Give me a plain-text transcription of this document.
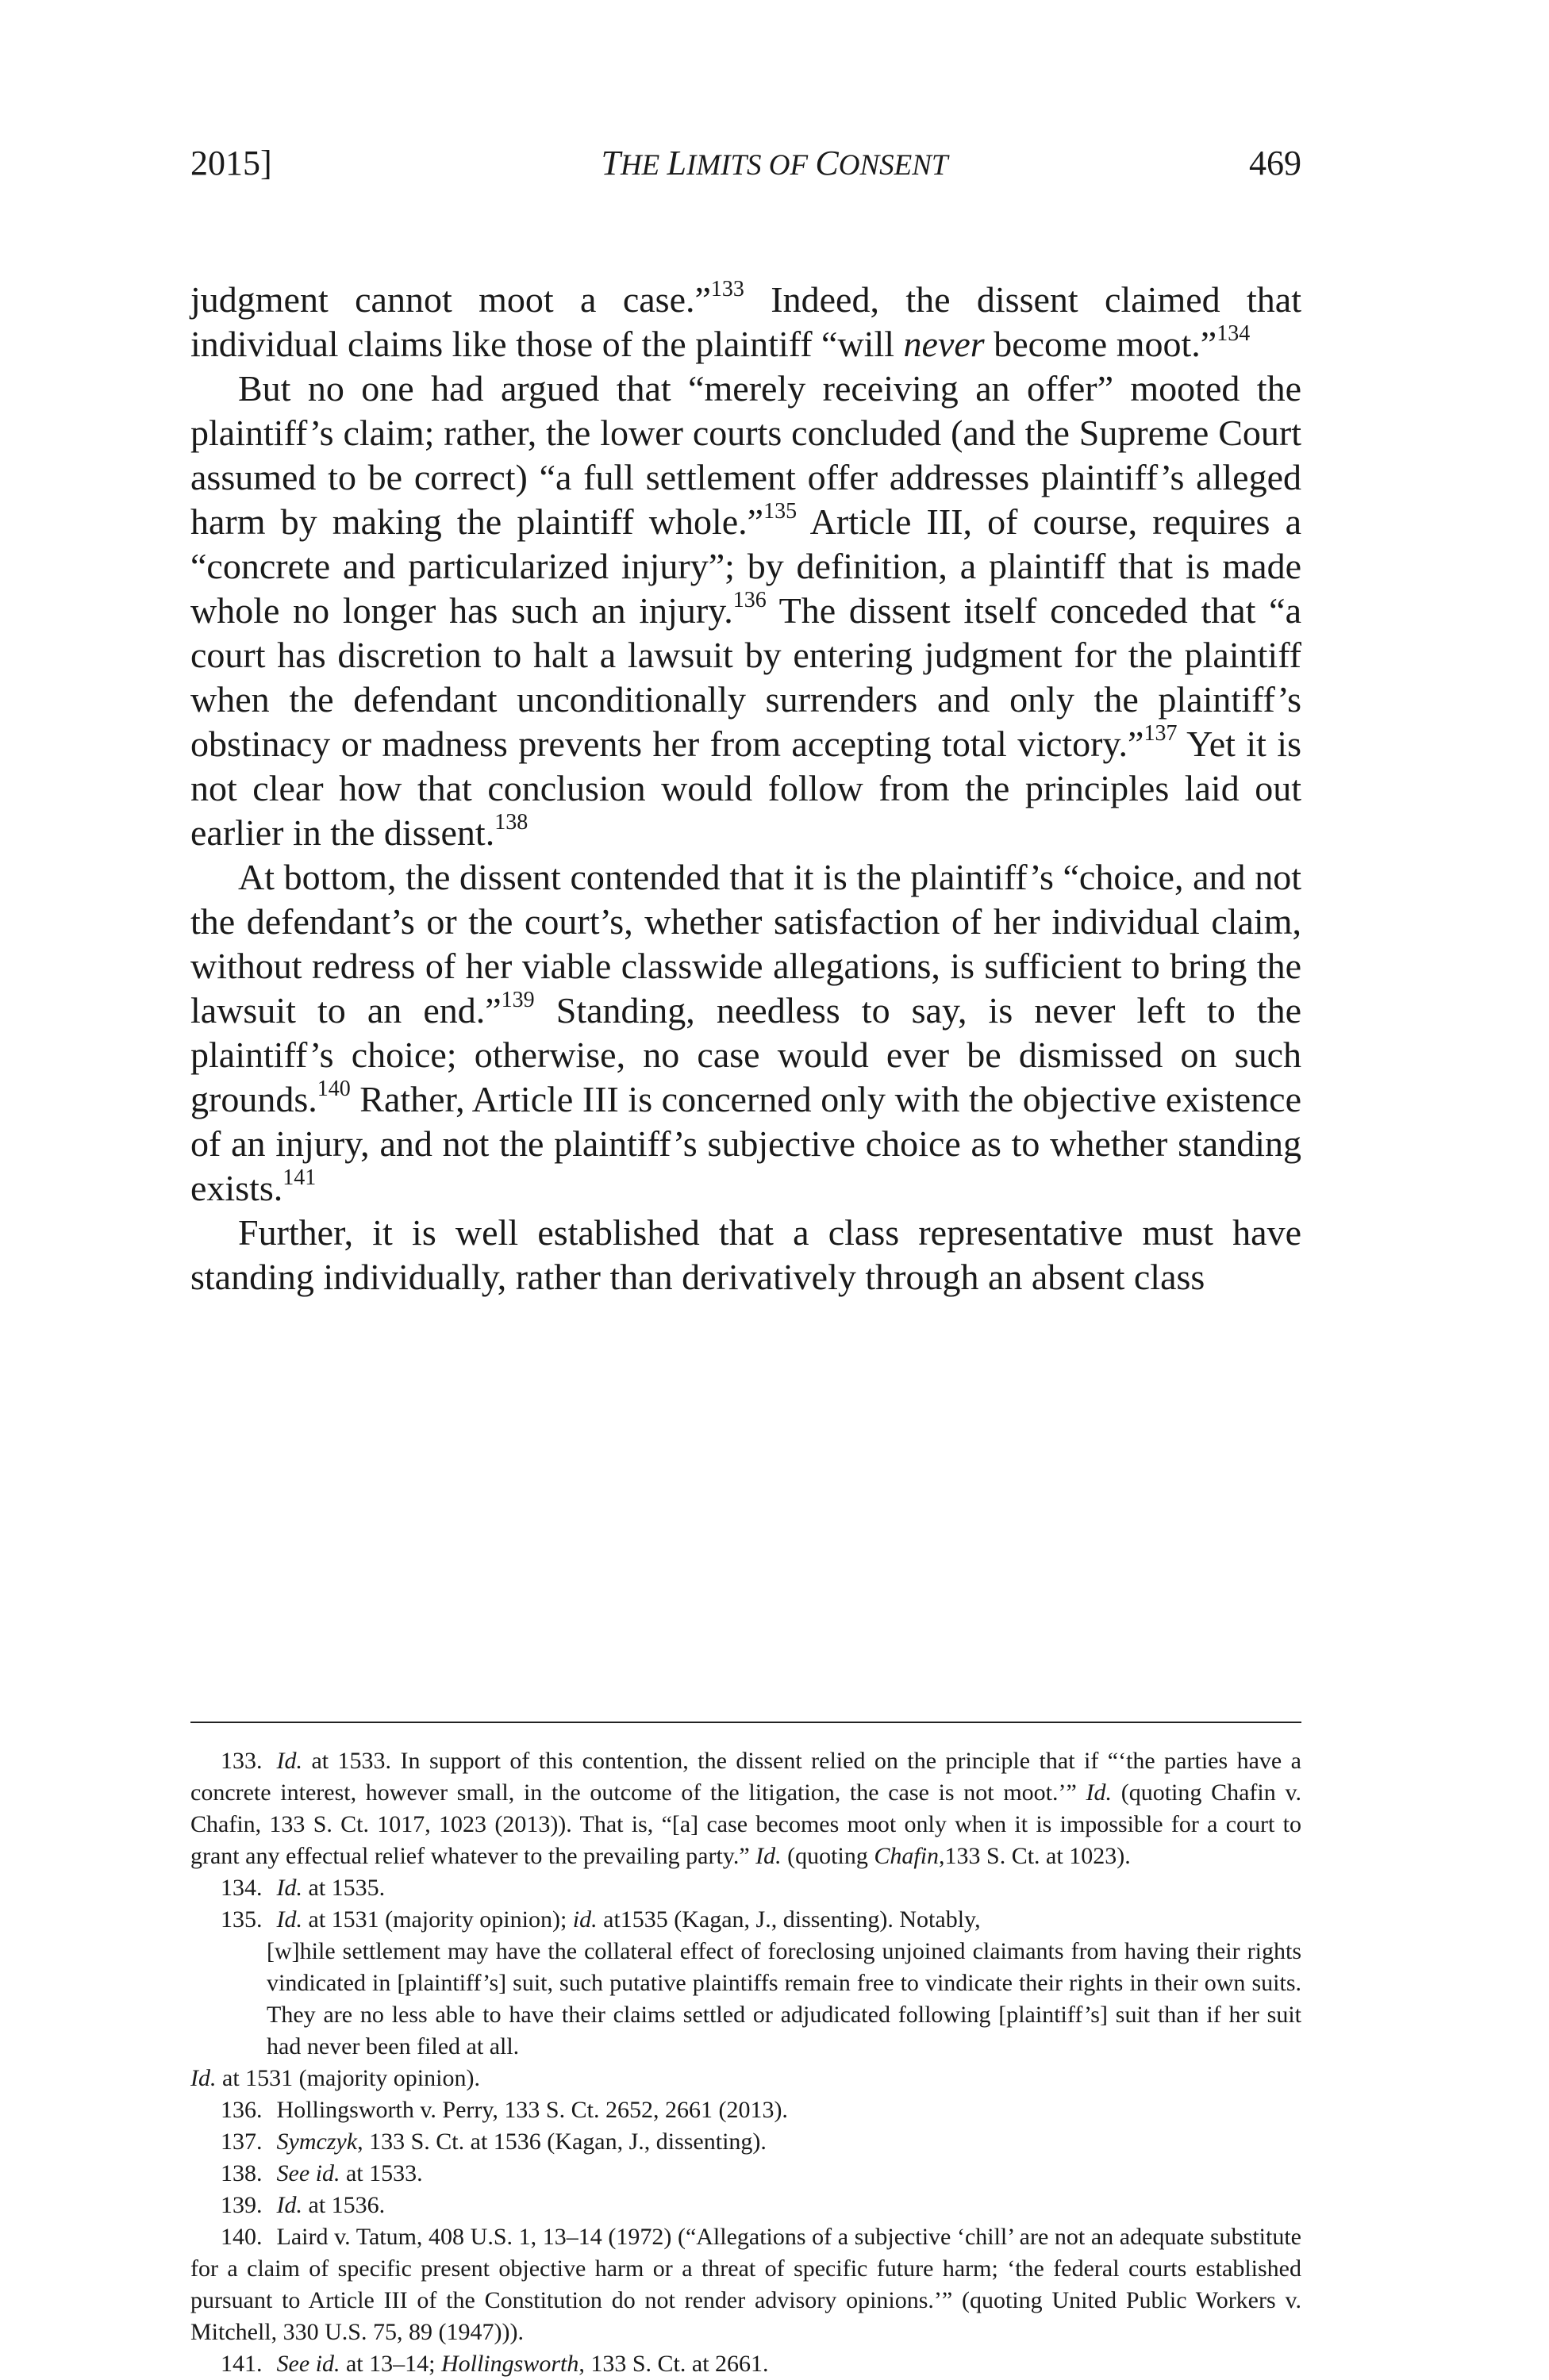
2015]	THE LIMITS OF CONSENT	469

judgment cannot moot a case.”$^{133}$ Indeed, the dissent claimed that individual claims like those of the plaintiff “will never become moot.”$^{134}$

But no one had argued that “merely receiving an offer” mooted the plaintiff’s claim; rather, the lower courts concluded (and the Supreme Court assumed to be correct) “a full settlement offer addresses plaintiff’s alleged harm by making the plaintiff whole.”$^{135}$ Article III, of course, requires a “concrete and particularized injury”; by definition, a plaintiff that is made whole no longer has such an injury.$^{136}$ The dissent itself conceded that “a court has discretion to halt a lawsuit by entering judgment for the plaintiff when the defendant unconditionally surrenders and only the plaintiff’s obstinacy or madness prevents her from accepting total victory.”$^{137}$ Yet it is not clear how that conclusion would follow from the principles laid out earlier in the dissent.$^{138}$

At bottom, the dissent contended that it is the plaintiff’s “choice, and not the defendant’s or the court’s, whether satisfaction of her individual claim, without redress of her viable classwide allegations, is sufficient to bring the lawsuit to an end.”$^{139}$ Standing, needless to say, is never left to the plaintiff’s choice; otherwise, no case would ever be dismissed on such grounds.$^{140}$ Rather, Article III is concerned only with the objective existence of an injury, and not the plaintiff’s subjective choice as to whether standing exists.$^{141}$

Further, it is well established that a class representative must have standing individually, rather than derivatively through an absent class

133. Id. at 1533. In support of this contention, the dissent relied on the principle that if “‘the parties have a concrete interest, however small, in the outcome of the litigation, the case is not moot.’” Id. (quoting Chafin v. Chafin, 133 S. Ct. 1017, 1023 (2013)). That is, “[a] case becomes moot only when it is impossible for a court to grant any effectual relief whatever to the prevailing party.” Id. (quoting Chafin,133 S. Ct. at 1023).

134. Id. at 1535.

135. Id. at 1531 (majority opinion); id. at1535 (Kagan, J., dissenting). Notably,

[w]hile settlement may have the collateral effect of foreclosing unjoined claimants from having their rights vindicated in [plaintiff’s] suit, such putative plaintiffs remain free to vindicate their rights in their own suits. They are no less able to have their claims settled or adjudicated following [plaintiff’s] suit than if her suit had never been filed at all.

Id. at 1531 (majority opinion).

136. Hollingsworth v. Perry, 133 S. Ct. 2652, 2661 (2013).

137. Symczyk, 133 S. Ct. at 1536 (Kagan, J., dissenting).

138. See id. at 1533.

139. Id. at 1536.

140. Laird v. Tatum, 408 U.S. 1, 13–14 (1972) (“Allegations of a subjective ‘chill’ are not an adequate substitute for a claim of specific present objective harm or a threat of specific future harm; ‘the federal courts established pursuant to Article III of the Constitution do not render advisory opinions.’” (quoting United Public Workers v. Mitchell, 330 U.S. 75, 89 (1947))).

141. See id. at 13–14; Hollingsworth, 133 S. Ct. at 2661.
